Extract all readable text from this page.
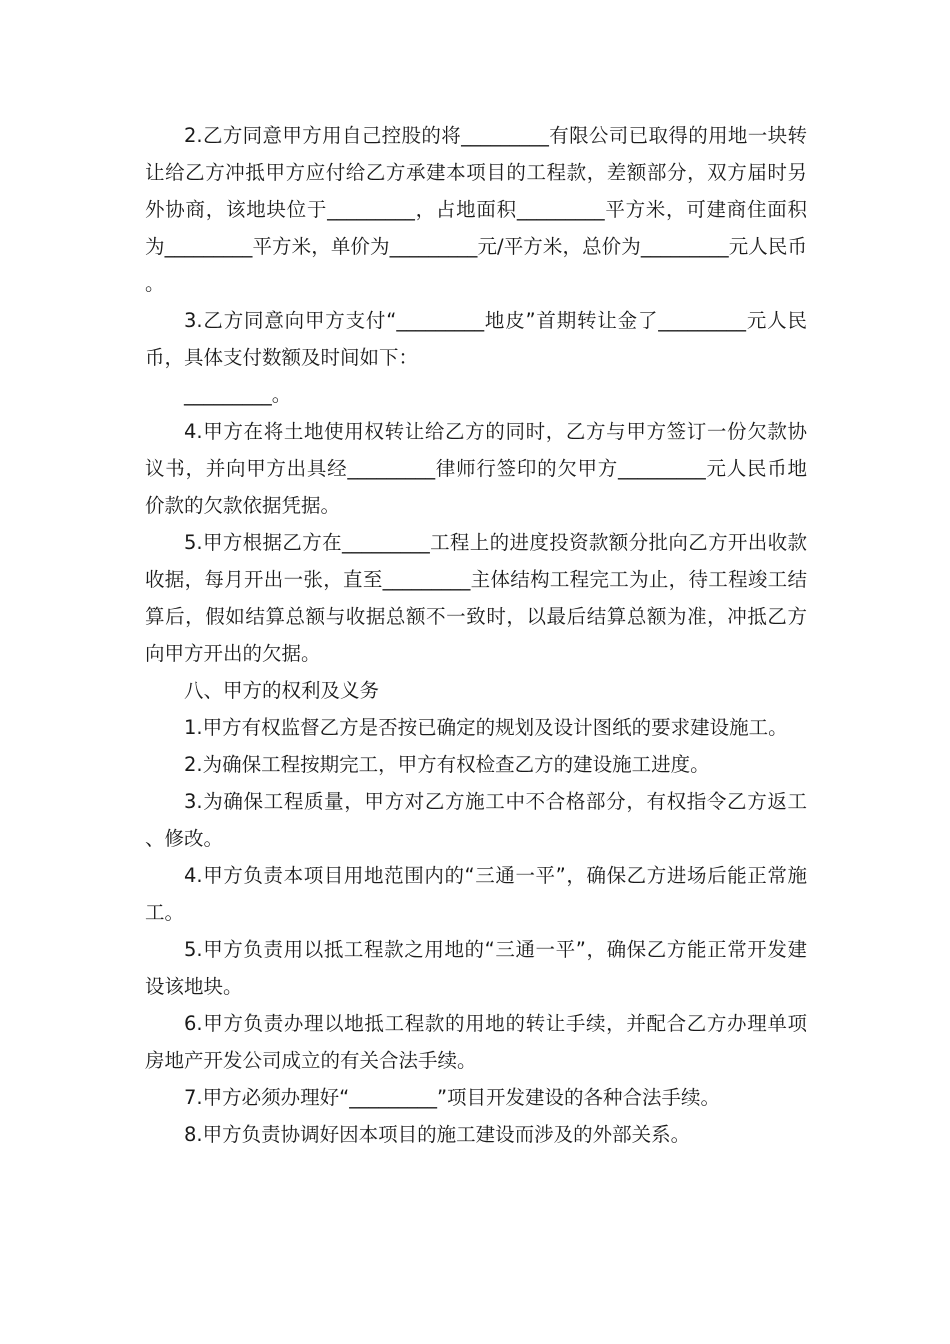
2.乙方同意甲方用自己控股的将_________有限公司已取得的用地一块转让给乙方冲抵甲方应付给乙方承建本项目的工程款，差额部分，双方届时另外协商，该地块位于_________，占地面积_________平方米，可建商住面积为_________平方米，单价为_________元/平方米，总价为_________元人民币。

3.乙方同意向甲方支付“_________地皮”首期转让金了_________元人民币，具体支付数额及时间如下：

_________。

4.甲方在将土地使用权转让给乙方的同时，乙方与甲方签订一份欠款协议书，并向甲方出具经_________律师行签印的欠甲方_________元人民币地价款的欠款依据凭据。

5.甲方根据乙方在_________工程上的进度投资款额分批向乙方开出收款收据，每月开出一张，直至_________主体结构工程完工为止，待工程竣工结算后，假如结算总额与收据总额不一致时，以最后结算总额为准，冲抵乙方向甲方开出的欠据。

八、甲方的权利及义务

1.甲方有权监督乙方是否按已确定的规划及设计图纸的要求建设施工。

2.为确保工程按期完工，甲方有权检查乙方的建设施工进度。

3.为确保工程质量，甲方对乙方施工中不合格部分，有权指令乙方返工、修改。

4.甲方负责本项目用地范围内的“三通一平”，确保乙方进场后能正常施工。

5.甲方负责用以抵工程款之用地的“三通一平”，确保乙方能正常开发建设该地块。

6.甲方负责办理以地抵工程款的用地的转让手续，并配合乙方办理单项房地产开发公司成立的有关合法手续。

7.甲方必须办理好“_________”项目开发建设的各种合法手续。

8.甲方负责协调好因本项目的施工建设而涉及的外部关系。
